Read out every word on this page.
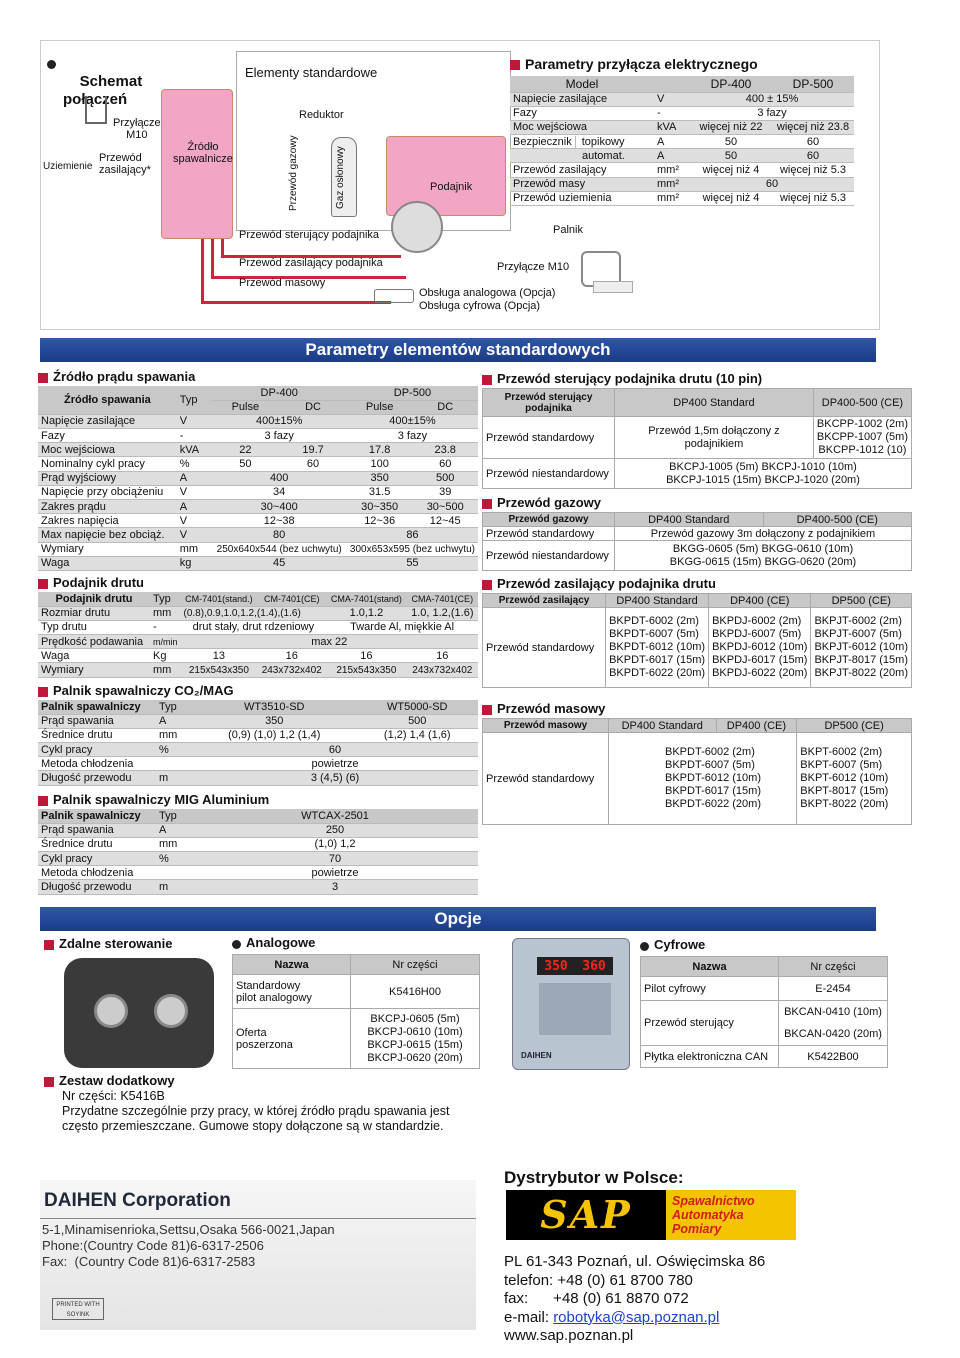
Schemat
połączeń

Elementy standardowe
Uziemienie
Przyłącze
M10
Przewód
zasilający*
Źródło
spawalnicze
Reduktor
Przewód gazowy	Gaz osłonowy	Podajnik
Przewód sterujący podajnika
Przewód zasilający podajnika
Przewód masowy
Obsługa analogowa (Opcja)
Obsługa cyfrowa (Opcja)
Palnik
Przyłącze M10
Parametry przyłącza elektrycznego
Model		DP-400	DP-500
Napięcie zasilające	V	400 ± 15%	
Fazy	-	3 fazy	
Moc wejściowa	kVA	więcej niż 22	więcej niż 23.8

Bezpiecznik topikowy	A	50	60
automat.	A	50	60
Przewód zasilający	mm²	więcej niż 4	więcej niż 5.3
Przewód masy	mm²	60	
Przewód uziemienia	mm²	więcej niż 4	więcej niż 5.3
Parametry elementów standardowych
Źródło prądu spawania
Źródło spawania	Typ	DP-400		DP-500	
		Pulse	DC	Pulse	DC
Napięcie zasilające	V	400±15%		400±15%	
Fazy	-	3 fazy		3 fazy	
Moc wejściowa	kVA	22	19.7	17.8	23.8
Nominalny cykl pracy	%	50	60	100	60
Prąd wyjściowy	A	400		350	500
Napięcie przy obciążeniu	V	34		31.5	39
Zakres prądu	A	30~400		30~350	30~500
Zakres napięcia	V	12~38		12~36	12~45
Max napięcie bez obciąż.	V	80		86	
Wymiary	mm	250x640x544 (bez uchwytu)		300x653x595 (bez uchwytu)	
Waga	kg	45		55	
Podajnik drutu
Podajnik drutu	Typ	CM-7401(stand.)	CM-7401(CE)	CMA-7401(stand)	CMA-7401(CE)
Rozmiar drutu	mm	(0.8),0.9,1.0,1.2,(1.4),(1.6)		1.0,1.2	1.0, 1.2,(1.6)
Typ drutu	-	drut stały, drut rdzeniowy		Twarde Al, miękkie Al	
Prędkość podawania	m/min	max 22			
Waga	Kg	13	16	16	16
Wymiary	mm	215x543x350	243x732x402	215x543x350	243x732x402
Palnik spawalniczy CO₂/MAG
Palnik spawalniczy	Typ	WT3510-SD	WT5000-SD
Prąd spawania	A	350	500
Średnice drutu	mm	(0,9) (1,0) 1,2 (1,4)	(1,2) 1,4 (1,6)
Cykl pracy	%	60	
Metoda chłodzenia		powietrze	
Długość przewodu	m	3 (4,5) (6)	
Palnik spawalniczy MIG Aluminium
Palnik spawalniczy	Typ	WTCAX-2501
Prąd spawania	A	250
Średnice drutu	mm	(1,0) 1,2
Cykl pracy	%	70
Metoda chłodzenia		powietrze
Długość przewodu	m	3
Przewód sterujący podajnika drutu (10 pin)
Przewód sterujący podajnika	DP400 Standard	DP400-500 (CE)
Przewód standardowy	Przewód 1,5m dołączony z podajnikiem	BKCPP-1002 (2m)
BKCPP-1007 (5m)
BKCPP-1012 (10)
Przewód niestandardowy	BKCPJ-1005 (5m) BKCPJ-1010 (10m)
BKCPJ-1015 (15m) BKCPJ-1020 (20m)	
Przewód gazowy
Przewód gazowy	DP400 Standard	DP400-500 (CE)
Przewód standardowy	Przewód gazowy 3m dołączony z podajnikiem	
Przewód niestandardowy	BKGG-0605 (5m) BKGG-0610 (10m)
BKGG-0615 (15m) BKGG-0620 (20m)	
Przewód zasilający podajnika drutu
Przewód zasilający	DP400 Standard	DP400 (CE)	DP500 (CE)
Przewód standardowy	BKPDT-6002 (2m)
BKPDT-6007 (5m)
BKPDT-6012 (10m)
BKPDT-6017 (15m)
BKPDT-6022 (20m)	BKPDJ-6002 (2m)
BKPDJ-6007 (5m)
BKPDJ-6012 (10m)
BKPDJ-6017 (15m)
BKPDJ-6022 (20m)	BKPJT-6002 (2m)
BKPJT-6007 (5m)
BKPJT-6012 (10m)
BKPJT-8017 (15m)
BKPJT-8022 (20m)
Przewód masowy
Przewód masowy	DP400 Standard	DP400 (CE)	DP500 (CE)
Przewód standardowy	BKPDT-6002 (2m)
BKPDT-6007 (5m)
BKPDT-6012 (10m)
BKPDT-6017 (15m)
BKPDT-6022 (20m)		BKPT-6002 (2m)
BKPT-6007 (5m)
BKPT-6012 (10m)
BKPT-8017 (15m)
BKPT-8022 (20m)
Opcje
Zdalne sterowanie	Analogowe
Nazwa	Nr części
Standardowy
pilot analogowy	K5416H00
Oferta
poszerzona	BKCPJ-0605 (5m)
BKCPJ-0610 (10m)
BKCPJ-0615 (15m)
BKCPJ-0620 (20m)
350 360
DAIHEN
Cyfrowe
Nazwa	Nr części
Pilot cyfrowy	E-2454
Przewód sterujący	BKCAN-0410 (10m)
BKCAN-0420 (20m)
Płytka elektroniczna CAN	K5422B00
Zestaw dodatkowy
Nr części: K5416B
Przydatne szczególnie przy pracy, w której źródło prądu spawania jest
często przemieszczane. Gumowe stopy dołączone są w standardzie.
DAIHEN Corporation
5-1,Minamisenrioka,Settsu,Osaka 566-0021,Japan
Phone:(Country Code 81)6-6317-2506
Fax:  (Country Code 81)6-6317-2583
PRINTED WITH SOYINK
Dystrybutor w Polsce:
SAP	Spawalnictwo
Automatyka
Pomiary
PL 61-343 Poznań, ul. Oświęcimska 86
telefon: +48 (0) 61 8700 780
fax:      +48 (0) 61 8870 072
e-mail: robotyka@sap.poznan.pl
www.sap.poznan.pl
